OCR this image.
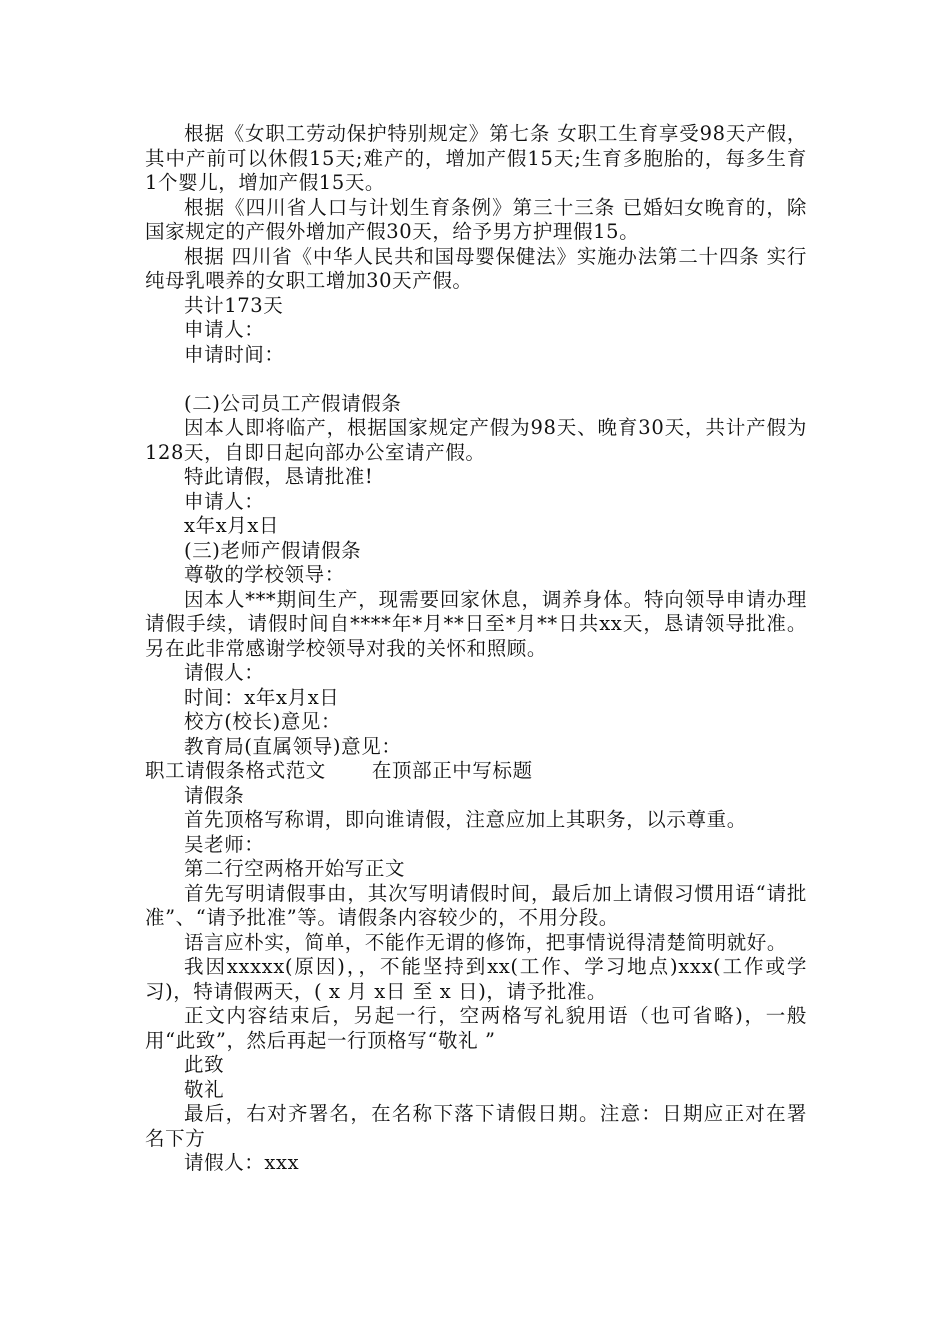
根据《女职工劳动保护特别规定》第七条 女职工生育享受98天产假，其中产前可以休假15天;难产的，增加产假15天;生育多胞胎的，每多生育1个婴儿，增加产假15天。

根据《四川省人口与计划生育条例》第三十三条 已婚妇女晚育的，除国家规定的产假外增加产假30天，给予男方护理假15。

根据 四川省《中华人民共和国母婴保健法》实施办法第二十四条 实行纯母乳喂养的女职工增加30天产假。

共计173天

申请人：

申请时间：

(二)公司员工产假请假条

因本人即将临产，根据国家规定产假为98天、晚育30天，共计产假为128天，自即日起向部办公室请产假。

特此请假，恳请批准!

申请人：

x年x月x日

(三)老师产假请假条

尊敬的学校领导：

因本人***期间生产，现需要回家休息，调养身体。特向领导申请办理请假手续，请假时间自****年*月**日至*月**日共xx天，恳请领导批准。另在此非常感谢学校领导对我的关怀和照顾。

请假人：

时间：x年x月x日

校方(校长)意见：

教育局(直属领导)意见：

职工请假条格式范文 在顶部正中写标题

请假条

首先顶格写称谓，即向谁请假，注意应加上其职务，以示尊重。

吴老师：

第二行空两格开始写正文

首先写明请假事由，其次写明请假时间，最后加上请假习惯用语“请批准”、“请予批准”等。请假条内容较少的，不用分段。

语言应朴实，简单，不能作无谓的修饰，把事情说得清楚简明就好。

我因xxxxx(原因)，，不能坚持到xx(工作、学习地点)xxx(工作或学习)，特请假两天，( x 月 x日 至 x 日)，请予批准。

正文内容结束后，另起一行，空两格写礼貌用语（也可省略)，一般用“此致”，然后再起一行顶格写“敬礼 ”

此致

敬礼

最后，右对齐署名，在名称下落下请假日期。注意：日期应正对在署名下方

请假人：xxx
